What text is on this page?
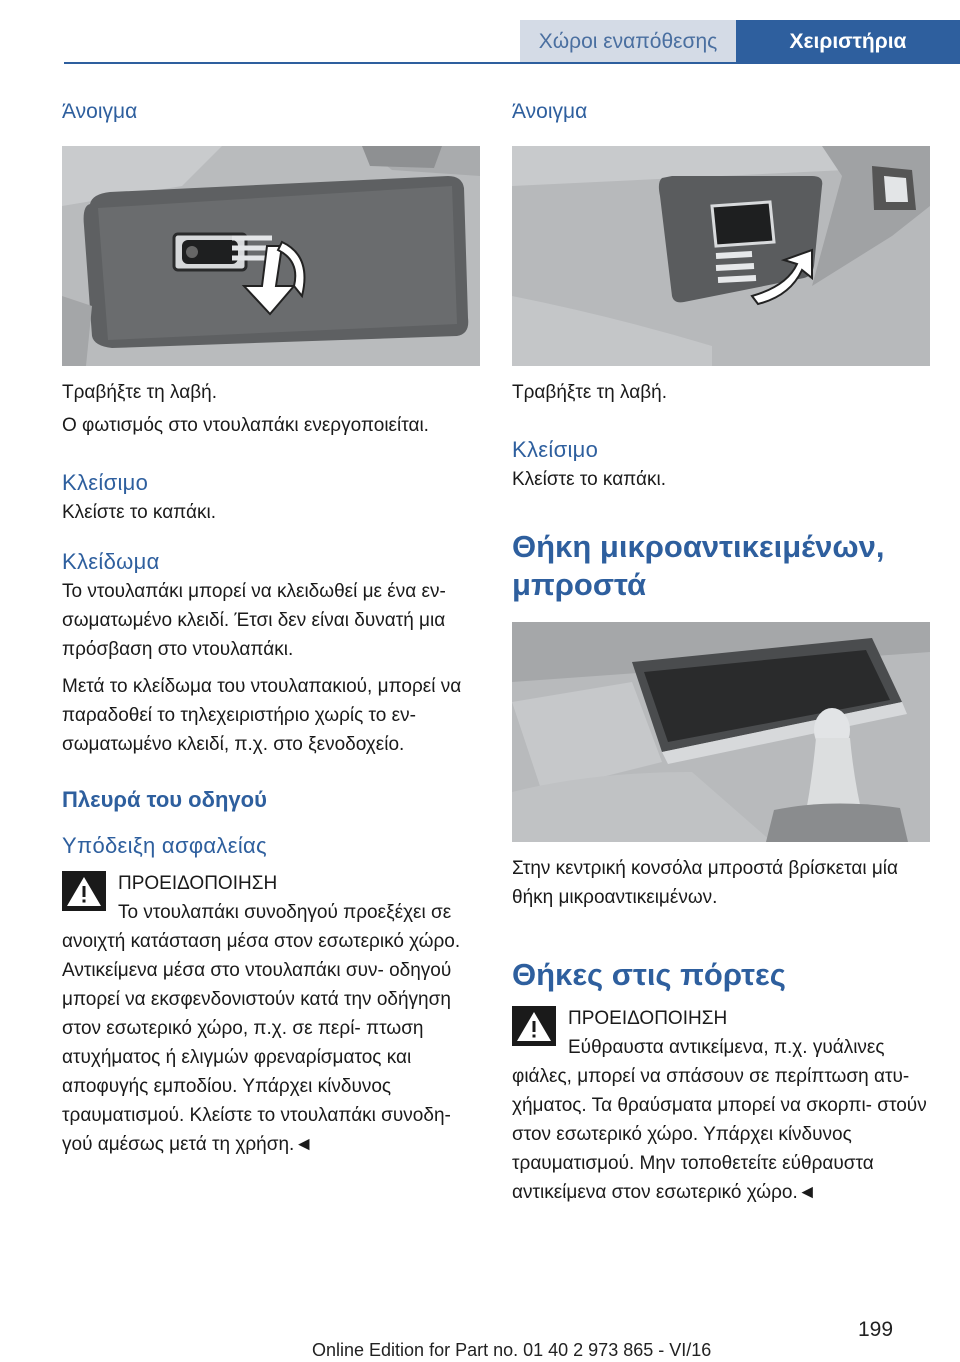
Χώροι εναπόθεσης	Χειριστήρια
Άνοιγμα

Τραβήξτε τη λαβή.

Ο φωτισμός στο ντουλαπάκι ενεργοποιείται.

Κλείσιμο

Κλείστε το καπάκι.

Κλείδωμα

Το ντουλαπάκι μπορεί να κλειδωθεί με ένα εν‐ σωματωμένο κλειδί. Έτσι δεν είναι δυνατή μια πρόσβαση στο ντουλαπάκι.

Μετά το κλείδωμα του ντουλαπακιού, μπορεί να παραδοθεί το τηλεχειριστήριο χωρίς το εν‐ σωματωμένο κλειδί, π.χ. στο ξενοδοχείο.

Πλευρά του οδηγού
Υπόδειξη ασφαλείας
ΠΡΟΕΙΔΟΠΟΙΗΣΗ
Το ντουλαπάκι συνοδηγού προεξέχει σε
ανοιχτή κατάσταση μέσα στον εσωτερικό χώρο. Αντικείμενα μέσα στο ντουλαπάκι συν‐ οδηγού μπορεί να εκσφενδονιστούν κατά την οδήγηση στον εσωτερικό χώρο, π.χ. σε περί‐ πτωση ατυχήματος ή ελιγμών φρεναρίσματος και αποφυγής εμποδίου. Υπάρχει κίνδυνος τραυματισμού. Κλείστε το ντουλαπάκι συνοδη‐ γού αμέσως μετά τη χρήση.◄
Άνοιγμα

Τραβήξτε τη λαβή.

Κλείσιμο

Κλείστε το καπάκι.

Θήκη μικροαντικειμένων, μπροστά

Στην κεντρική κονσόλα μπροστά βρίσκεται μία θήκη μικροαντικειμένων.

Θήκες στις πόρτες
ΠΡΟΕΙΔΟΠΟΙΗΣΗ
Εύθραυστα αντικείμενα, π.χ. γυάλινες
φιάλες, μπορεί να σπάσουν σε περίπτωση ατυ‐ χήματος. Τα θραύσματα μπορεί να σκορπι‐ στούν στον εσωτερικό χώρο. Υπάρχει κίνδυνος τραυματισμού. Μην τοποθετείτε εύθραυστα αντικείμενα στον εσωτερικό χώρο.◄
199
Online Edition for Part no. 01 40 2 973 865 - VI/16
